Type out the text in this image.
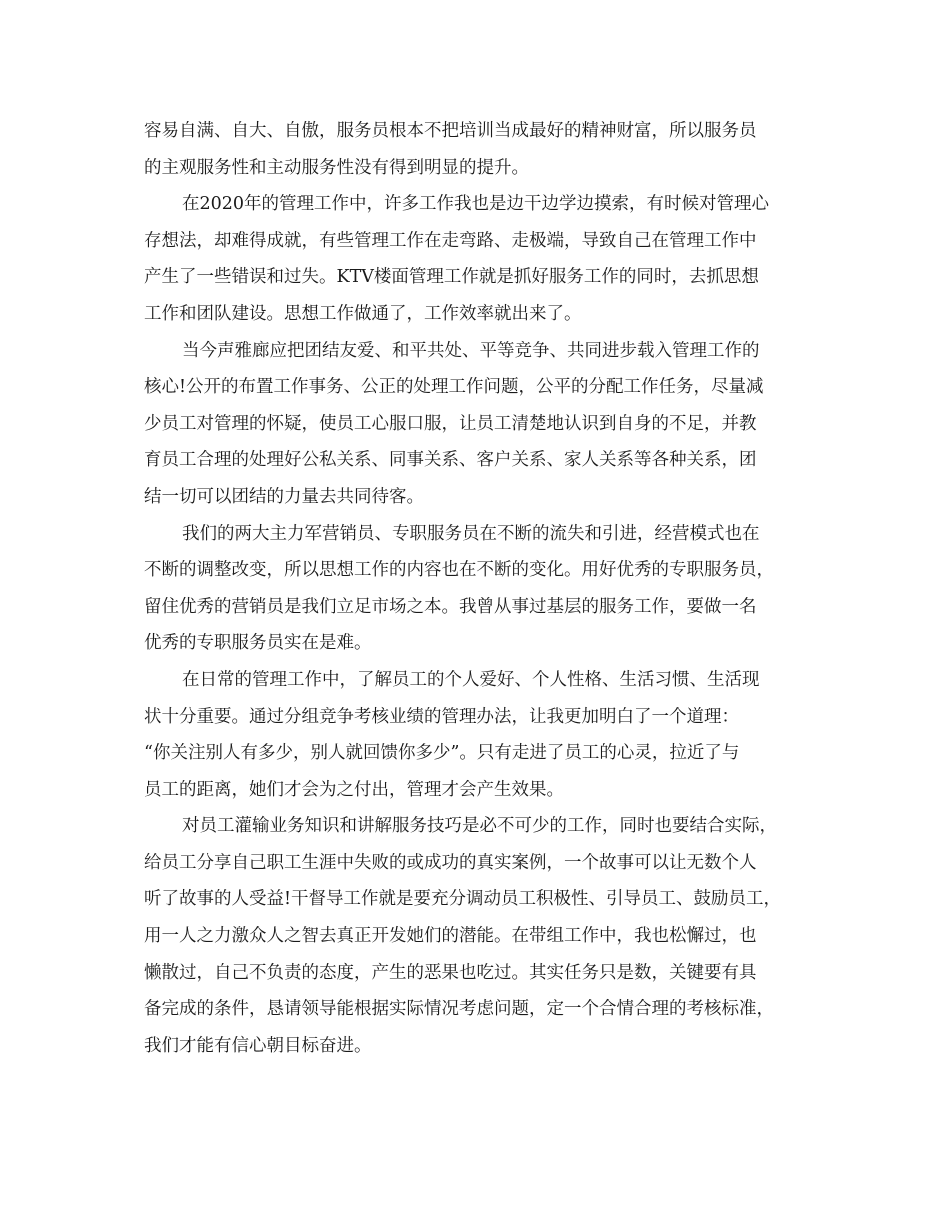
容易自满、自大、自傲，服务员根本不把培训当成最好的精神财富，所以服务员

的主观服务性和主动服务性没有得到明显的提升。

在2020年的管理工作中，许多工作我也是边干边学边摸索，有时候对管理心

存想法，却难得成就，有些管理工作在走弯路、走极端，导致自己在管理工作中

产生了一些错误和过失。KTV楼面管理工作就是抓好服务工作的同时，去抓思想

工作和团队建设。思想工作做通了，工作效率就出来了。

当今声雅廊应把团结友爱、和平共处、平等竞争、共同进步载入管理工作的

核心!公开的布置工作事务、公正的处理工作问题，公平的分配工作任务，尽量减

少员工对管理的怀疑，使员工心服口服，让员工清楚地认识到自身的不足，并教

育员工合理的处理好公私关系、同事关系、客户关系、家人关系等各种关系，团

结一切可以团结的力量去共同待客。

我们的两大主力军营销员、专职服务员在不断的流失和引进，经营模式也在

不断的调整改变，所以思想工作的内容也在不断的变化。用好优秀的专职服务员，

留住优秀的营销员是我们立足市场之本。我曾从事过基层的服务工作，要做一名

优秀的专职服务员实在是难。

在日常的管理工作中，了解员工的个人爱好、个人性格、生活习惯、生活现

状十分重要。通过分组竞争考核业绩的管理办法，让我更加明白了一个道理：

“你关注别人有多少，别人就回馈你多少”。只有走进了员工的心灵，拉近了与

员工的距离，她们才会为之付出，管理才会产生效果。

对员工灌输业务知识和讲解服务技巧是必不可少的工作，同时也要结合实际，

给员工分享自己职工生涯中失败的或成功的真实案例，一个故事可以让无数个人

听了故事的人受益!干督导工作就是要充分调动员工积极性、引导员工、鼓励员工，

用一人之力激众人之智去真正开发她们的潜能。在带组工作中，我也松懈过，也

懒散过，自己不负责的态度，产生的恶果也吃过。其实任务只是数，关键要有具

备完成的条件，恳请领导能根据实际情况考虑问题，定一个合情合理的考核标准，

我们才能有信心朝目标奋进。
